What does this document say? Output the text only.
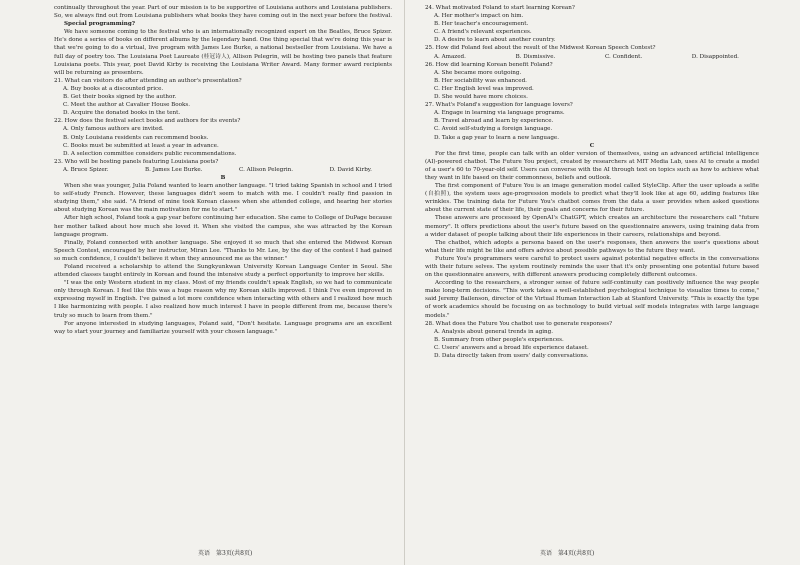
continually throughout the year. Part of our mission is to be supportive of Louisiana authors and Louisiana publishers. So, we always find out from Louisiana publishers what books they have coming out in the next year before the festival.

Special programming?

We have someone coming to the festival who is an internationally recognized expert on the Beatles, Bruce Spizer. He's done a series of books on different albums by the legendary band. One thing special that we're doing this year is that we're going to do a virtual, live program with James Lee Burke, a national bestseller from Louisiana. We have a full day of poetry too. The Louisiana Poet Laureate (桂冠诗人), Allison Pelegrin, will be hosting two panels that feature Louisiana poets. This year, poet David Kirby is receiving the Louisiana Writer Award. Many former award recipients will be returning as presenters.

21. What can visitors do after attending an author's presentation?

A. Buy books at a discounted price.

B. Get their books signed by the author.

C. Meet the author at Cavalier House Books.

D. Acquire the donated books in the tent.

22. How does the festival select books and authors for its events?

A. Only famous authors are invited.

B. Only Louisiana residents can recommend books.

C. Books must be submitted at least a year in advance.

D. A selection committee considers public recommendations.

23. Who will be hosting panels featuring Louisiana poets?

A. Bruce Spizer.	B. James Lee Burke.	C. Allison Pelegrin.	D. David Kirby.

B

When she was younger, Julia Foland wanted to learn another language. "I tried taking Spanish in school and I tried to self-study French. However, these languages didn't seem to match with me. I couldn't really find passion in studying them," she said. "A friend of mine took Korean classes when she attended college, and hearing her stories about studying Korean was the main motivation for me to start."

After high school, Foland took a gap year before continuing her education. She came to College of DuPage because her mother talked about how much she loved it. When she visited the campus, she was attracted by the Korean language program.

Finally, Foland connected with another language. She enjoyed it so much that she entered the Midwest Korean Speech Contest, encouraged by her instructor, Miran Lee. "Thanks to Mr. Lee, by the day of the contest I had gained so much confidence, I couldn't believe it when they announced me as the winner."

Foland received a scholarship to attend the Sungkyunkwan University Korean Language Center in Seoul. She attended classes taught entirely in Korean and found the intensive study a perfect opportunity to improve her skills.

"I was the only Western student in my class. Most of my friends couldn't speak English, so we had to communicate only through Korean. I feel like this was a huge reason why my Korean skills improved. I think I've even improved in expressing myself in English. I've gained a lot more confidence when interacting with others and I realized how much I like harmonizing with people. I also realized how much interest I have in people different from me, because there's truly so much to learn from them."

For anyone interested in studying languages, Foland said, "Don't hesitate. Language programs are an excellent way to start your journey and familiarize yourself with your chosen language."

24. What motivated Foland to start learning Korean?

A. Her mother's impact on him.

B. Her teacher's encouragement.

C. A friend's relevant experiences.

D. A desire to learn about another country.

25. How did Foland feel about the result of the Midwest Korean Speech Contest?

A. Amazed.	B. Dismissive.	C. Confident.	D. Disappointed.

26. How did learning Korean benefit Foland?

A. She became more outgoing.

B. Her sociability was enhanced.

C. Her English level was improved.

D. She would have more choices.

27. What's Foland's suggestion for language lovers?

A. Engage in learning via language programs.

B. Travel abroad and learn by experience.

C. Avoid self-studying a foreign language.

D. Take a gap year to learn a new language.

C

For the first time, people can talk with an older version of themselves, using an advanced artificial intelligence (AI)-powered chatbot. The Future You project, created by researchers at MIT Media Lab, uses AI to create a model of a user's 60 to 70-year-old self. Users can converse with the AI through text on topics such as how to achieve what they want in life based on their commonness, beliefs and outlook.

The first component of Future You is an image generation model called StyleClip. After the user uploads a selfie (自拍照), the system uses age-progression models to predict what they'll look like at age 60, adding features like wrinkles. The training data for Future You's chatbot comes from the data a user provides when asked questions about the current state of their life, their goals and concerns for their future.

These answers are processed by OpenAI's ChatGPT, which creates an architecture the researchers call "future memory". It offers predictions about the user's future based on the questionnaire answers, using training data from a wider dataset of people talking about their life experiences in their careers, relationships and beyond.

The chatbot, which adopts a persona based on the user's responses, then answers the user's questions about what their life might be like and offers advice about possible pathways to the future they want.

Future You's programmers were careful to protect users against potential negative effects in the conversations with their future selves. The system routinely reminds the user that it's only presenting one potential future based on the questionnaire answers, with different answers producing completely different outcomes.

According to the researchers, a stronger sense of future self-continuity can positively influence the way people make long-term decisions. "This work takes a well-established psychological technique to visualize times to come," said Jeremy Bailenson, director of the Virtual Human Interaction Lab at Stanford University. "This is exactly the type of work academics should be focusing on as technology to build virtual self models integrates with large language models."

28. What does the Future You chatbot use to generate responses?

A. Analysis about general trends in aging.

B. Summary from other people's experiences.

C. Users' answers and a broad life experience dataset.

D. Data directly taken from users' daily conversations.

英语　第3页(共8页)	英语　第4页(共8页)
